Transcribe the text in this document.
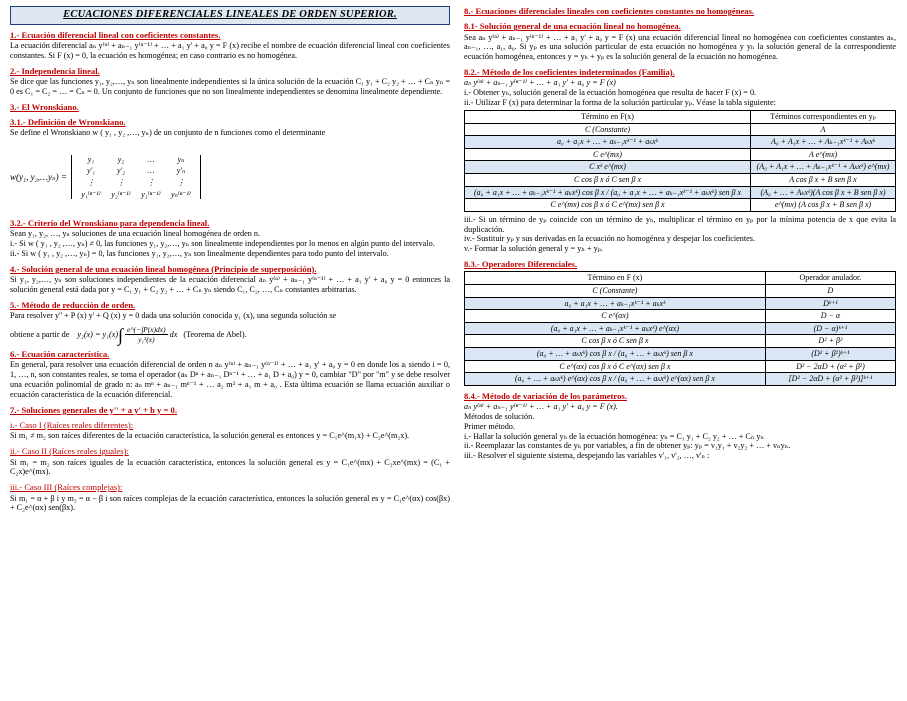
ECUACIONES DIFERENCIALES LINEALES DE ORDEN SUPERIOR.
1.- Ecuación diferencial lineal con coeficientes constantes.

La ecuación diferencial aₙ y⁽ⁿ⁾ + aₙ₋₁ y⁽ⁿ⁻¹⁾ + … + a₁ y' + a₀ y = F (x) recibe el nombre de ecuación diferencial lineal con coeficientes constantes. Si F (x) = 0, la ecuación es homogénea; en caso contrario es no homogénea.

2.- Independencia lineal.

Se dice que las funciones y₁, y₂,…, yₙ son linealmente independientes si la única solución de la ecuación C₁ y₁ + C₂ y₂ + … + Cₙ yₙ = 0 es C₁ = C₂ = … = Cₙ = 0. Un conjunto de funciones que no son linealmente independientes se denomina linealmente dependiente.

3.- El Wronskiano.
3.1.- Definición de Wronskiano.

Se define el Wronskiano w ( y₁ , y₂ ,…, yₙ) de un conjunto de n funciones como el determinante

w(y₁, y₂,…yₙ) =
y₁	y₂	…	yₙ
y'₁	y'₂	…	y'ₙ
⋮	⋮	⋮	⋮
y₁⁽ⁿ⁻¹⁾	y₂⁽ⁿ⁻¹⁾	y₃⁽ⁿ⁻¹⁾	yₙ⁽ⁿ⁻¹⁾
3.2.- Criterio del Wronskiano para dependencia lineal.

Sean y₁, y₂, …, yₙ soluciones de una ecuación lineal homogénea de orden n.

i.- Si w ( y₁ , y₂ ,…, yₙ) ≠ 0, las funciones y₁, y₂,…, yₙ son linealmente independientes por lo menos en algún punto del intervalo.

ii.- Si w ( y₁ , y₂ ,…, yₙ) = 0, las funciones y₁, y₂,…, yₙ son linealmente dependientes para todo punto del intervalo.

4.- Solución general de una ecuación lineal homogénea (Principio de superposición).

Si y₁, y₂,…, yₙ son soluciones independientes de la ecuación diferencial aₙ y⁽ⁿ⁾ + aₙ₋₁ y⁽ⁿ⁻¹⁾ + … + a₁ y' + a₀ y = 0 entonces la solución general está dada por y = C₁ y₁ + C₂ y₂ + … + Cₙ yₙ siendo C₁, C₂, …, Cₙ constantes arbitrarias.

5.- Método de reducción de orden.

Para resolver y'' + P (x) y' + Q (x) y = 0 dada una solución conocida y₁ (x), una segunda solución se

obtiene a partir de y₂(x) = y₁(x) ∫ $\frac{e\^{}(-\int P(x)dx)}{\text{y₁²(x)}}$ dx (Teorema de Abel).
6.- Ecuación característica.

En general, para resolver una ecuación diferencial de orden n aₙ y⁽ⁿ⁾ + aₙ₋₁ y⁽ⁿ⁻¹⁾ + … + a₁ y' + a₀ y = 0 en donde los aᵢ siendo i = 0, 1, …, n, son constantes reales, se toma el operador (aₙ Dⁿ + aₙ₋₁ Dⁿ⁻¹ + … + a₁ D + a₀) y = 0, cambiar "D" por "m" y se debe resolver una ecuación polinomial de grado n: aₙ mⁿ + aₙ₋₁ mⁿ⁻¹ + … a₂ m² + a₁ m + a₀ . Esta última ecuación se llama ecuación auxiliar o ecuación característica de la ecuación diferencial.

7.- Soluciones generales de y'' + a y' + b y = 0.
i.- Caso I (Raíces reales diferentes):

Si m₁ ≠ m₂ son raíces diferentes de la ecuación característica, la solución general es entonces y = C₁e^(m₁x) + C₂e^(m₂x).

ii.- Caso II (Raíces reales iguales):

Si m₁ = m₂ son raíces iguales de la ecuación característica, entonces la solución general es y = C₁e^(mx) + C₂xe^(mx) = (C₁ + C₂x)e^(mx).

iii.- Caso III (Raíces complejas):

Si m₁ = α + β i y m₂ = α − β i son raíces complejas de la ecuación característica, entonces la solución general es y = C₁e^(αx) cos(βx) + C₂e^(αx) sen(βx).

8.- Ecuaciones diferenciales lineales con coeficientes constantes no homogéneas.
8.1- Solución general de una ecuación lineal no homogénea.

Sea aₙ y⁽ⁿ⁾ + aₙ₋₁ y⁽ⁿ⁻¹⁾ + … + a₁ y' + a₀ y = F (x) una ecuación diferencial lineal no homogénea con coeficientes constantes aₙ, aₙ₋₁, …, a₁, a₀. Si yₚ es una solución particular de esta ecuación no homogénea y yₕ la solución general de la correspondiente ecuación homogénea, entonces y = yₕ + yₚ es la solución general de la ecuación no homogénea.

8.2.- Método de los coeficientes indeterminados (Familia).

aₙ y⁽ⁿ⁾ + aₙ₋₁ y⁽ⁿ⁻¹⁾ + … + a₁ y' + a₀ y = F (x)

i.- Obtener yₕ, solución general de la ecuación homogénea que resulta de hacer F (x) = 0.

ii.- Utilizar F (x) para determinar la forma de la solución particular yₚ. Véase la tabla siguiente:

Término en F(x)	Términos correspondientes en yₚ
C (Constante)	A
a₀ + a₁x + … + aₖ₋₁xᵏ⁻¹ + aₖxᵏ	A₀ + A₁x + … + Aₖ₋₁xᵏ⁻¹ + Aₖxᵏ
C e^(mx)	A e^(mx)
C xᵏ e^(mx)	(A₀ + A₁x + … + Aₖ₋₁xᵏ⁻¹ + Aₖxᵏ) e^(mx)
C cos β x ó C sen β x	A cos β x + B sen β x
(a₀ + a₁x + … + aₖ₋₁xᵏ⁻¹ + aₖxᵏ) cos β x / (a₀ + a₁x + … + aₖ₋₁xᵏ⁻¹ + aₖxᵏ) sen β x	(A₀ + … + Aₖxᵏ)(A cos β x + B sen β x)
C e^(mx) cos β x ó C e^(mx) sen β x	e^(mx) (A cos β x + B sen β x)

iii.- Si un término de yₚ coincide con un término de yₕ, multiplicar el término en yₚ por la mínima potencia de x que evita la duplicación.

iv.- Sustituir yₚ y sus derivadas en la ecuación no homogénea y despejar los coeficientes.

v.- Formar la solución general y = yₕ + yₚ.

8.3.- Operadores Diferenciales.
Término en F (x)	Operador anulador.
C (Constante)	D
a₀ + a₁x + … + aₖ₋₁xᵏ⁻¹ + aₖxᵏ	Dᵏ⁺¹
C e^(αx)	D − α
(a₀ + a₁x + … + aₖ₋₁xᵏ⁻¹ + aₖxᵏ) e^(αx)	(D − α)ᵏ⁺¹
C cos β x ó C sen β x	D² + β²
(a₀ + … + aₖxᵏ) cos β x / (a₀ + … + aₖxᵏ) sen β x	(D² + β²)ᵏ⁺¹
C e^(αx) cos β x ó C e^(αx) sen β x	D² − 2αD + (α² + β²)
(a₀ + … + aₖxᵏ) e^(αx) cos β x / (a₀ + … + aₖxᵏ) e^(αx) sen β x	[D² − 2αD + (α² + β²)]ᵏ⁺¹
8.4.- Método de variación de los parámetros.

aₙ y⁽ⁿ⁾ + aₙ₋₁ y⁽ⁿ⁻¹⁾ + … + a₁ y' + a₀ y = F (x).

Métodos de solución.

Primer método.

i.- Hallar la solución general yₕ de la ecuación homogénea: yₕ = C₁ y₁ + C₂ y₂ + … + Cₙ yₙ

ii.- Reemplazar las constantes de yₕ por variables, a fin de obtener yₚ: yₚ = v₁y₁ + v₂y₂ + … + vₙyₙ.

iii.- Resolver el siguiente sistema, despejando las variables v'₁, v'₂, …, v'ₙ :
